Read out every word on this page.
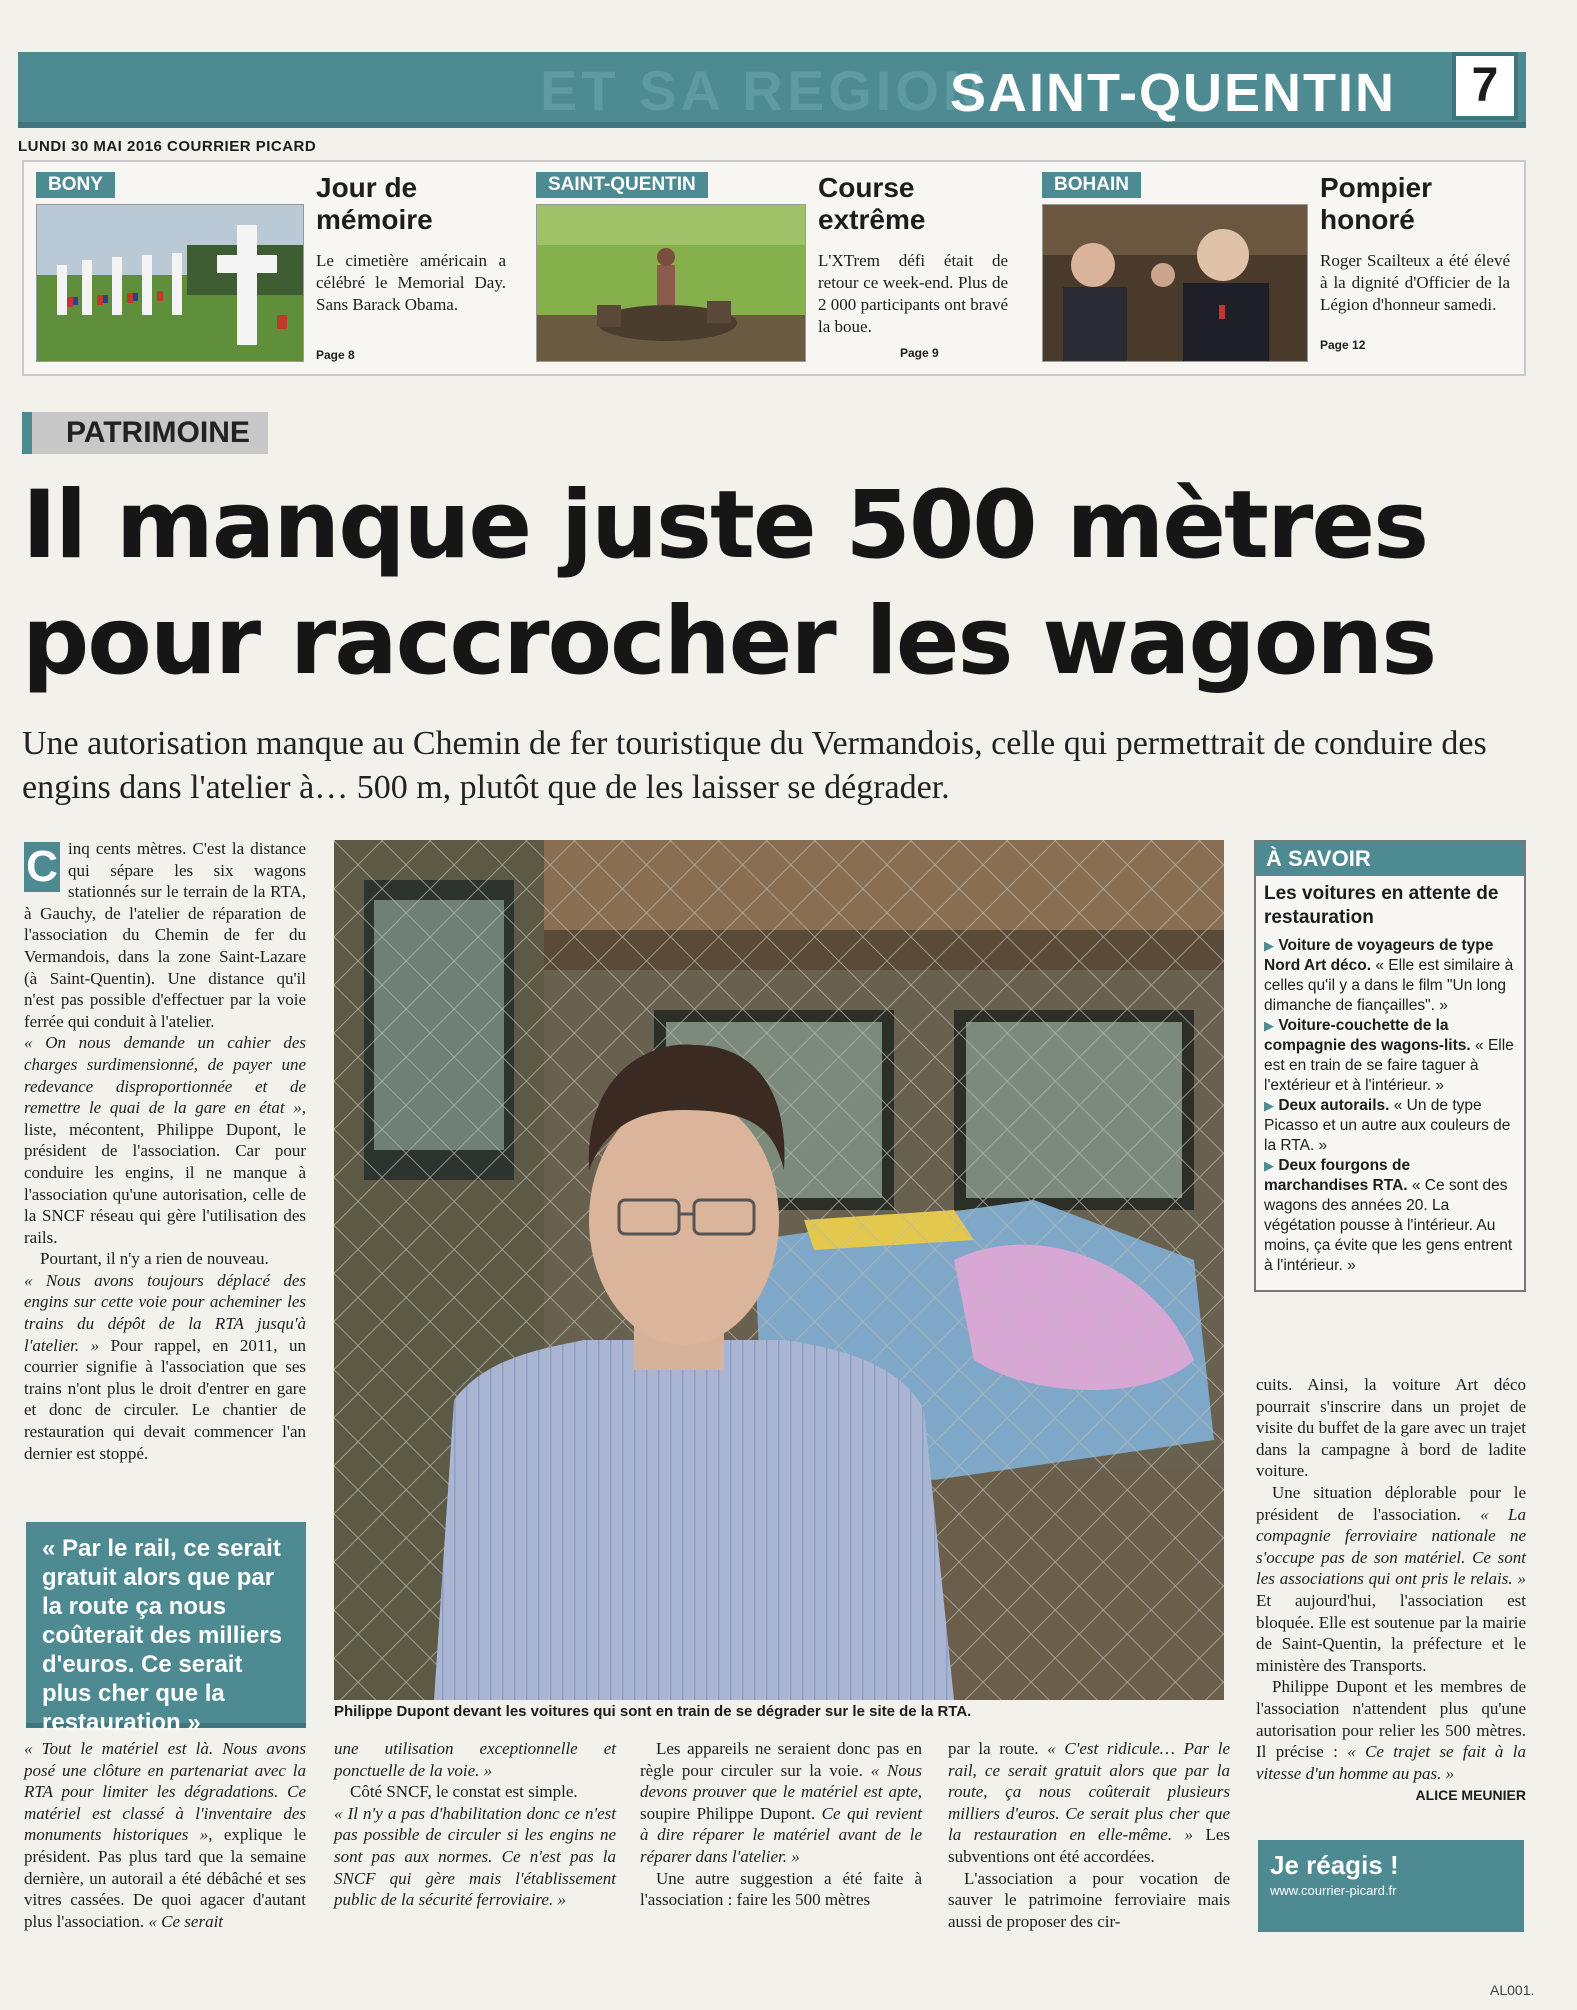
ET SA REGION
SAINT-QUENTIN	7
LUNDI 30 MAI 2016 COURRIER PICARD
BONY	Jour de mémoire
Le cimetière américain a célébré le Memorial Day. Sans Barack Obama.
Page 8
SAINT-QUENTIN	Course extrême
L'XTrem défi était de retour ce week-end. Plus de 2 000 participants ont bravé la boue.
Page 9
BOHAIN	Pompier honoré
Roger Scailteux a été élevé à la dignité d'Officier de la Légion d'honneur samedi.
Page 12
PATRIMOINE
Il manque juste 500 mètres
pour raccrocher les wagons
Une autorisation manque au Chemin de fer touristique du Vermandois, celle qui permettrait de conduire des engins dans l'atelier à… 500 m, plutôt que de les laisser se dégrader.
C inq cents mètres. C'est la distance qui sépare les six wagons stationnés sur le terrain de la RTA, à Gauchy, de l'atelier de réparation de l'association du Chemin de fer du Vermandois, dans la zone Saint-Lazare (à Saint-Quentin). Une distance qu'il n'est pas possible d'effectuer par la voie ferrée qui conduit à l'atelier.

« On nous demande un cahier des charges surdimensionné, de payer une redevance disproportionnée et de remettre le quai de la gare en état », liste, mécontent, Philippe Dupont, le président de l'association. Car pour conduire les engins, il ne manque à l'association qu'une autorisation, celle de la SNCF réseau qui gère l'utilisation des rails.

Pourtant, il n'y a rien de nouveau.

« Nous avons toujours déplacé des engins sur cette voie pour acheminer les trains du dépôt de la RTA jusqu'à l'atelier. » Pour rappel, en 2011, un courrier signifie à l'association que ses trains n'ont plus le droit d'entrer en gare et donc de circuler. Le chantier de restauration qui devait commencer l'an dernier est stoppé.

« Par le rail, ce serait gratuit alors que par la route ça nous coûterait des milliers d'euros. Ce serait plus cher que la restauration »

« Tout le matériel est là. Nous avons posé une clôture en partenariat avec la RTA pour limiter les dégradations. Ce matériel est classé à l'inventaire des monuments historiques », explique le président. Pas plus tard que la semaine dernière, un autorail a été débâché et ses vitres cassées. De quoi agacer d'autant plus l'association. « Ce serait

Philippe Dupont devant les voitures qui sont en train de se dégrader sur le site de la RTA.

une utilisation exceptionnelle et ponctuelle de la voie. »

Côté SNCF, le constat est simple.

« Il n'y a pas d'habilitation donc ce n'est pas possible de circuler si les engins ne sont pas aux normes. Ce n'est pas la SNCF qui gère mais l'établissement public de la sécurité ferroviaire. »

Les appareils ne seraient donc pas en règle pour circuler sur la voie. « Nous devons prouver que le matériel est apte, soupire Philippe Dupont. Ce qui revient à dire réparer le matériel avant de le réparer dans l'atelier. »

Une autre suggestion a été faite à l'association : faire les 500 mètres

par la route. « C'est ridicule… Par le rail, ce serait gratuit alors que par la route, ça nous coûterait plusieurs milliers d'euros. Ce serait plus cher que la restauration en elle-même. » Les subventions ont été accordées.

L'association a pour vocation de sauver le patrimoine ferroviaire mais aussi de proposer des cir-

À SAVOIR
Les voitures en attente de restauration
▶ Voiture de voyageurs de type Nord Art déco. « Elle est similaire à celles qu'il y a dans le film "Un long dimanche de fiançailles". »
▶ Voiture-couchette de la compagnie des wagons-lits. « Elle est en train de se faire taguer à l'extérieur et à l'intérieur. »
▶ Deux autorails. « Un de type Picasso et un autre aux couleurs de la RTA. »
▶ Deux fourgons de marchandises RTA. « Ce sont des wagons des années 20. La végétation pousse à l'intérieur. Au moins, ça évite que les gens entrent à l'intérieur. »

cuits. Ainsi, la voiture Art déco pourrait s'inscrire dans un projet de visite du buffet de la gare avec un trajet dans la campagne à bord de ladite voiture.

Une situation déplorable pour le président de l'association. « La compagnie ferroviaire nationale ne s'occupe pas de son matériel. Ce sont les associations qui ont pris le relais. » Et aujourd'hui, l'association est bloquée. Elle est soutenue par la mairie de Saint-Quentin, la préfecture et le ministère des Transports.

Philippe Dupont et les membres de l'association n'attendent plus qu'une autorisation pour relier les 500 mètres. Il précise : « Ce trajet se fait à la vitesse d'un homme au pas. »

ALICE MEUNIER

Je réagis !
www.courrier-picard.fr
AL001.
